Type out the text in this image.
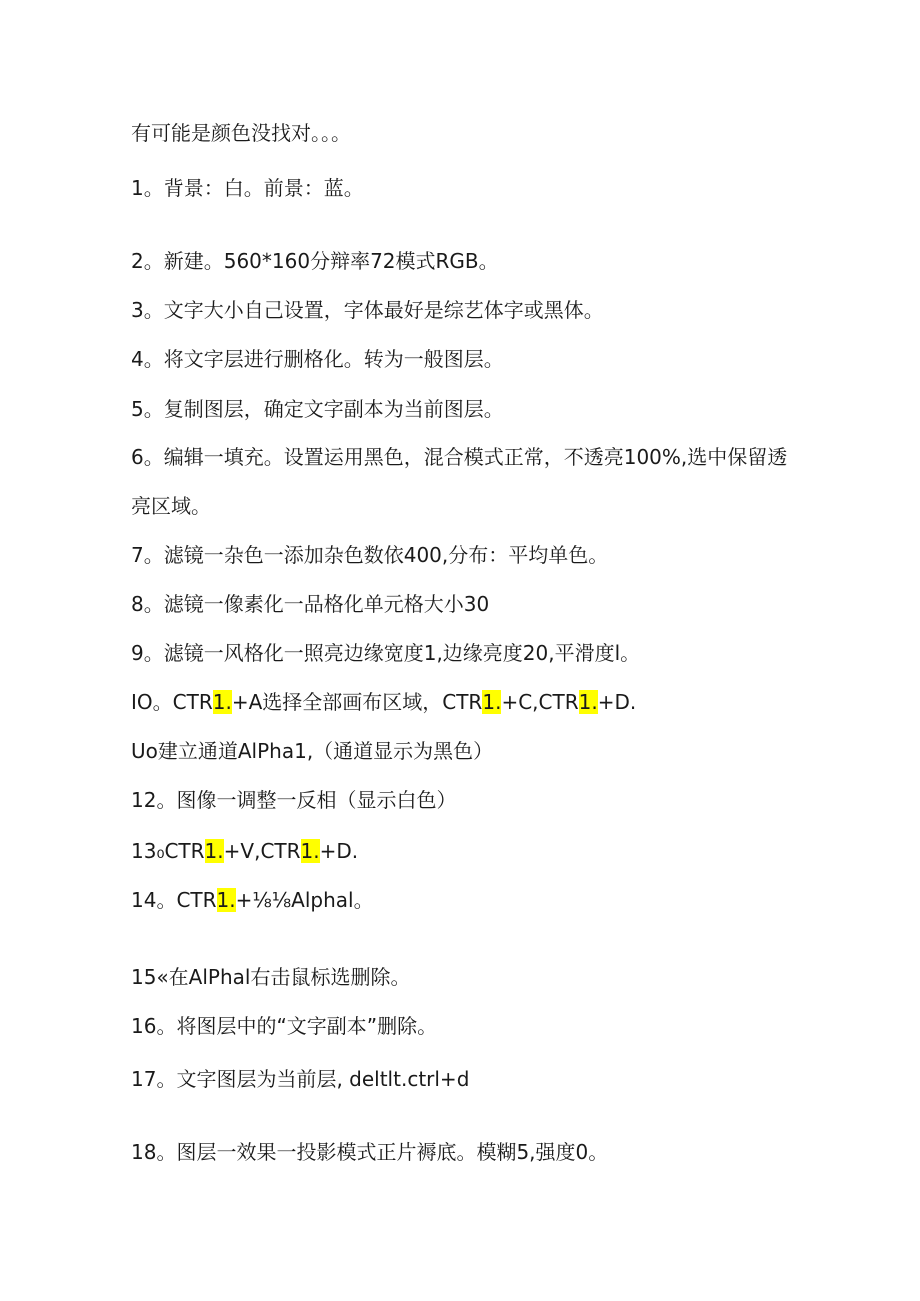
有可能是颜色没找对。。。
1。背景：白。前景：蓝。
2。新建。560*160分辩率72模式RGB。
3。文字大小自己设置，字体最好是综艺体字或黑体。
4。将文字层进行删格化。转为一般图层。
5。复制图层，确定文字副本为当前图层。
6。编辑一填充。设置运用黑色，混合模式正常，不透亮100%,选中保留透
亮区域。
7。滤镜一杂色一添加杂色数依400,分布：平均单色。
8。滤镜一像素化一品格化单元格大小30
9。滤镜一风格化一照亮边缘宽度1,边缘亮度20,平滑度l。
IO。CTR1.+A选择全部画布区域，CTR1.+C,CTR1.+D.
Uo建立通道AlPha1,（通道显示为黑色）
12。图像一调整一反相（显示白色）
13₀CTR1.+V,CTR1.+D.
14。CTR1.+⅛⅛Alphal。
15«在AlPhal右击鼠标选删除。
16。将图层中的“文字副本”删除。
17。文字图层为当前层, deltlt.ctrl+d
18。图层一效果一投影模式正片褥底。模糊5,强度0。
